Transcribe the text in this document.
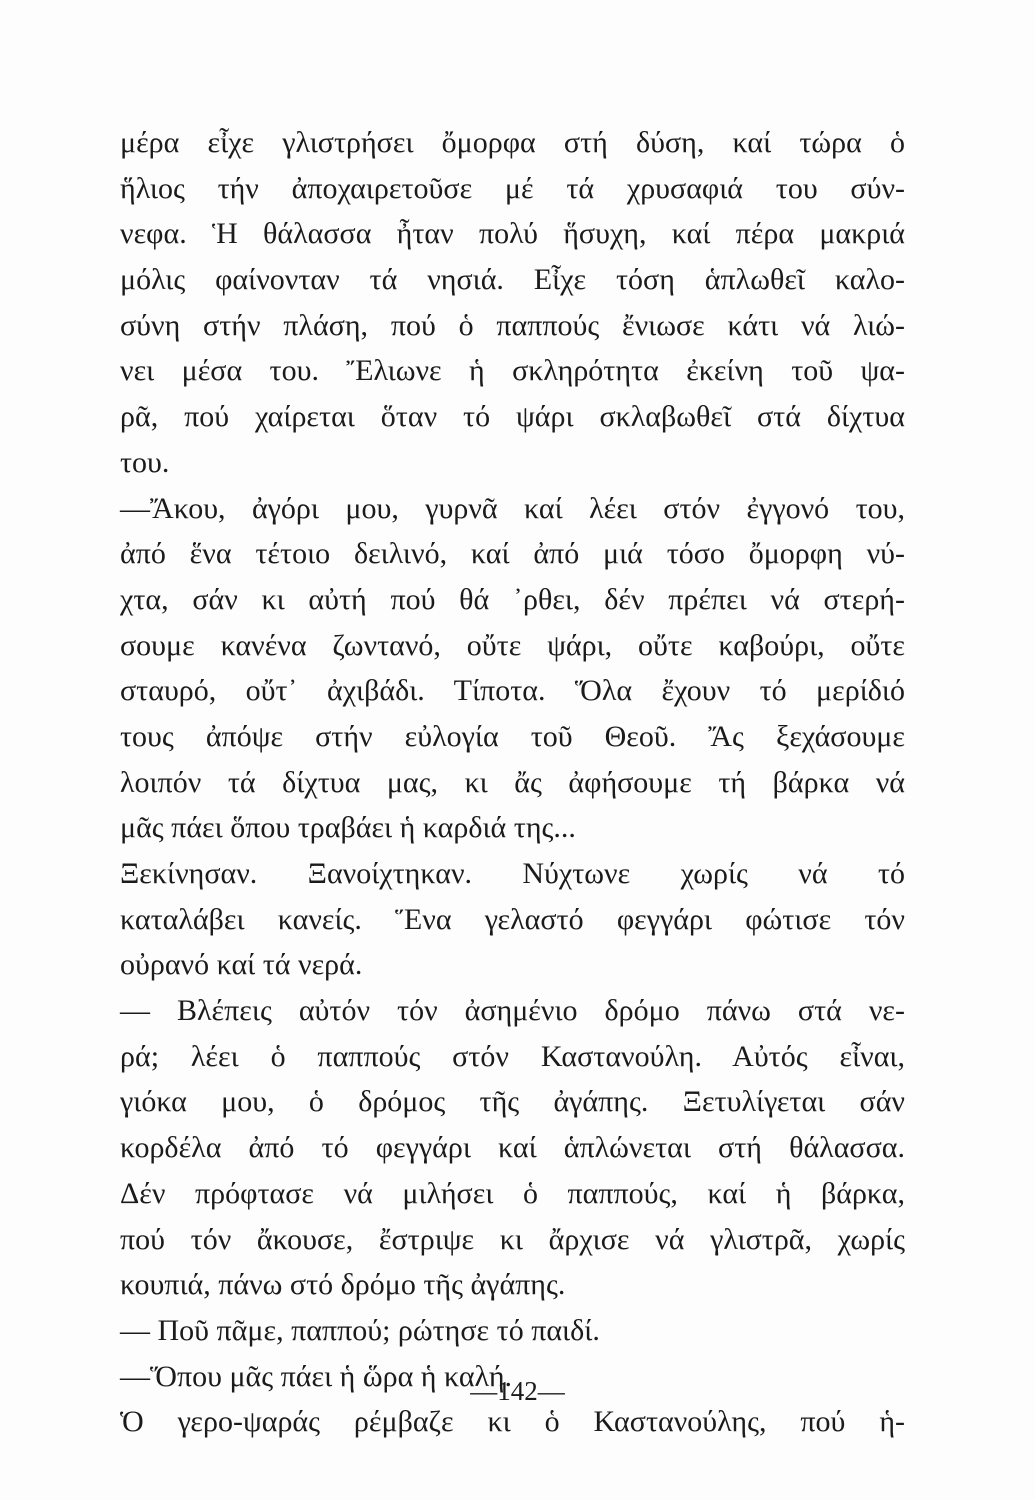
μέρα εἶχε γλιστρήσει ὄμορφα στή δύση, καί τώρα ὁ
ἥλιος τήν ἀποχαιρετοῦσε μέ τά χρυσαφιά του σύν-
νεφα. Ἡ θάλασσα ἦταν πολύ ἥσυχη, καί πέρα μακριά
μόλις φαίνονταν τά νησιά. Εἶχε τόση ἁπλωθεῖ καλο-
σύνη στήν πλάση, πού ὁ παππούς ἔνιωσε κάτι νά λιώ-
νει μέσα του. Ἔλιωνε ἡ σκληρότητα ἐκείνη τοῦ ψα-
ρᾶ, πού χαίρεται ὅταν τό ψάρι σκλαβωθεῖ στά δίχτυα
του.
—Ἄκου, ἀγόρι μου, γυρνᾶ καί λέει στόν ἐγγονό του,
ἀπό ἕνα τέτοιο δειλινό, καί ἀπό μιά τόσο ὄμορφη νύ-
χτα, σάν κι αὐτή πού θά ᾿ρθει, δέν πρέπει νά στερή-
σουμε κανένα ζωντανό, οὔτε ψάρι, οὔτε καβούρι, οὔτε
σταυρό, οὔτ᾿ ἀχιβάδι. Τίποτα. Ὅλα ἔχουν τό μερίδιό
τους ἀπόψε στήν εὐλογία τοῦ Θεοῦ. Ἄς ξεχάσουμε
λοιπόν τά δίχτυα μας, κι ἄς ἀφήσουμε τή βάρκα νά
μᾶς πάει ὅπου τραβάει ἡ καρδιά της...
Ξεκίνησαν. Ξανοίχτηκαν. Νύχτωνε χωρίς νά τό
καταλάβει κανείς. Ἕνα γελαστό φεγγάρι φώτισε τόν
οὐρανό καί τά νερά.
— Βλέπεις αὐτόν τόν ἀσημένιο δρόμο πάνω στά νε-
ρά; λέει ὁ παππούς στόν Καστανούλη. Αὐτός εἶναι,
γιόκα μου, ὁ δρόμος τῆς ἀγάπης. Ξετυλίγεται σάν
κορδέλα ἀπό τό φεγγάρι καί ἁπλώνεται στή θάλασσα.
Δέν πρόφτασε νά μιλήσει ὁ παππούς, καί ἡ βάρκα,
πού τόν ἄκουσε, ἔστριψε κι ἄρχισε νά γλιστρᾶ, χωρίς
κουπιά, πάνω στό δρόμο τῆς ἀγάπης.
— Ποῦ πᾶμε, παππού; ρώτησε τό παιδί.
—Ὅπου μᾶς πάει ἡ ὥρα ἡ καλή.
Ὁ γερο-ψαράς ρέμβαζε κι ὁ Καστανούλης, πού ἡ-
—142—
